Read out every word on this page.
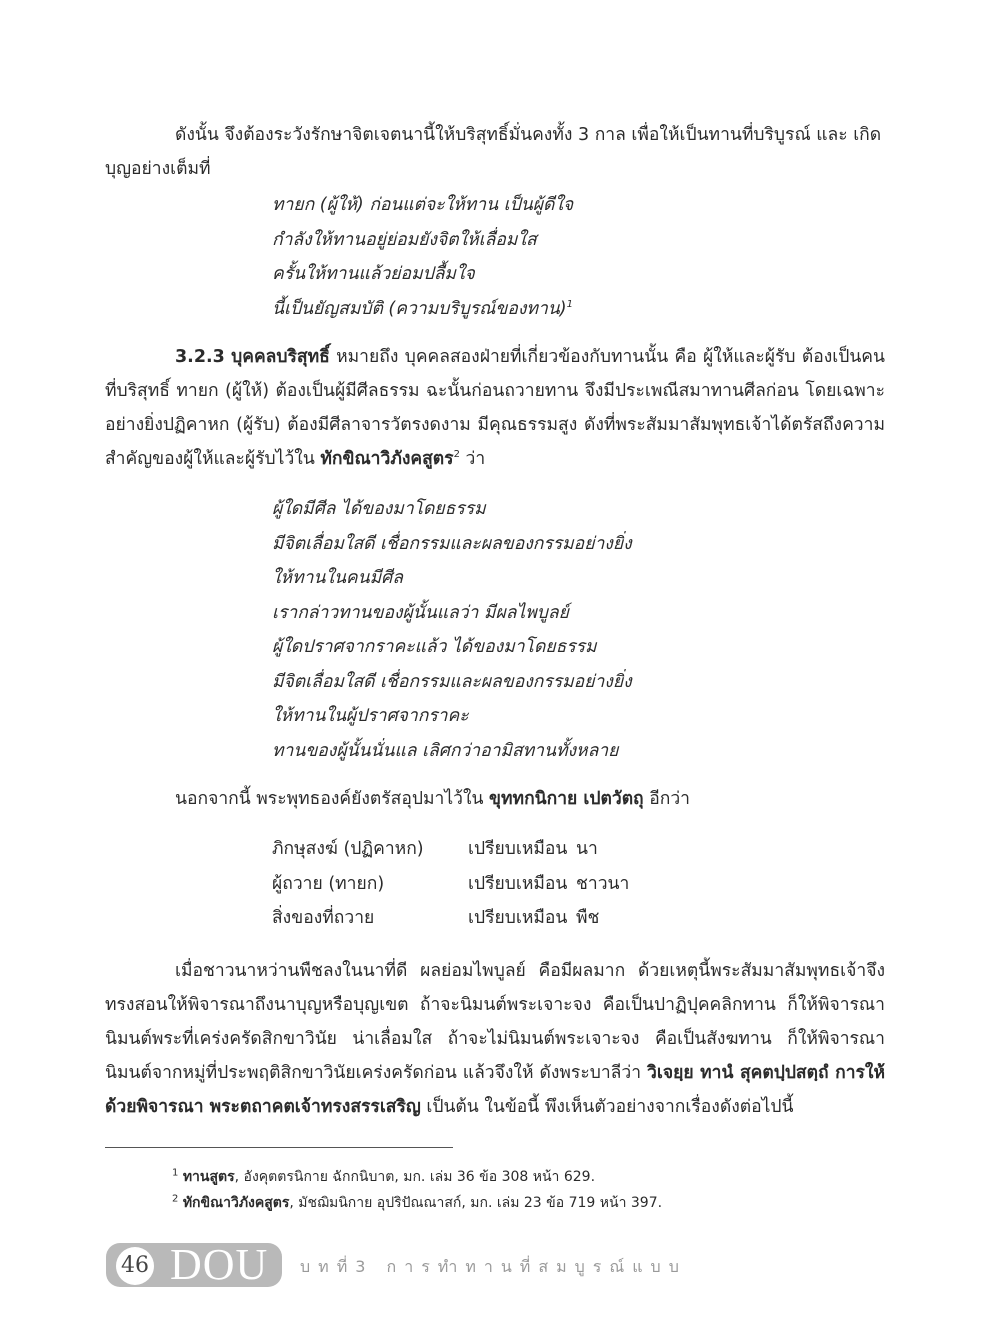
ดังนั้น จึงต้องระวังรักษาจิตเจตนานี้ให้บริสุทธิ์มั่นคงทั้ง 3 กาล เพื่อให้เป็นทานที่บริบูรณ์ และ เกิด
บุญอย่างเต็มที่
ทายก (ผู้ให้) ก่อนแต่จะให้ทาน เป็นผู้ดีใจ
กำลังให้ทานอยู่ย่อมยังจิตให้เลื่อมใส
ครั้นให้ทานแล้วย่อมปลื้มใจ
นี้เป็นยัญสมบัติ (ความบริบูรณ์ของทาน)$^1$
3.2.3 บุคคลบริสุทธิ์ หมายถึง บุคคลสองฝ่ายที่เกี่ยวข้องกับทานนั้น คือ ผู้ให้และผู้รับ ต้องเป็นคนที่บริสุทธิ์ ทายก (ผู้ให้) ต้องเป็นผู้มีศีลธรรม ฉะนั้นก่อนถวายทาน จึงมีประเพณีสมาทานศีลก่อน โดยเฉพาะอย่างยิ่งปฏิคาหก (ผู้รับ) ต้องมีศีลาจารวัตรงดงาม มีคุณธรรมสูง ดังที่พระสัมมาสัมพุทธเจ้าได้ตรัสถึงความสำคัญของผู้ให้และผู้รับไว้ใน ทักขิณาวิภังคสูตร$^2$ ว่า
ผู้ใดมีศีล ได้ของมาโดยธรรม
มีจิตเลื่อมใสดี เชื่อกรรมและผลของกรรมอย่างยิ่ง
ให้ทานในคนมีศีล
เรากล่าวทานของผู้นั้นแลว่า มีผลไพบูลย์
ผู้ใดปราศจากราคะแล้ว ได้ของมาโดยธรรม
มีจิตเลื่อมใสดี เชื่อกรรมและผลของกรรมอย่างยิ่ง
ให้ทานในผู้ปราศจากราคะ
ทานของผู้นั้นนั่นแล เลิศกว่าอามิสทานทั้งหลาย
นอกจากนี้ พระพุทธองค์ยังตรัสอุปมาไว้ใน ขุททกนิกาย เปตวัตถุ อีกว่า
ภิกษุสงฆ์ (ปฏิคาหก)	เปรียบเหมือน นา
ผู้ถวาย (ทายก)	เปรียบเหมือน ชาวนา
สิ่งของที่ถวาย	เปรียบเหมือน พืช
เมื่อชาวนาหว่านพืชลงในนาที่ดี ผลย่อมไพบูลย์ คือมีผลมาก ด้วยเหตุนี้พระสัมมาสัมพุทธเจ้าจึงทรงสอนให้พิจารณาถึงนาบุญหรือบุญเขต ถ้าจะนิมนต์พระเจาะจง คือเป็นปาฏิปุคคลิกทาน ก็ให้พิจารณานิมนต์พระที่เคร่งครัดสิกขาวินัย น่าเลื่อมใส ถ้าจะไม่นิมนต์พระเจาะจง คือเป็นสังฆทาน ก็ให้พิจารณานิมนต์จากหมู่ที่ประพฤติสิกขาวินัยเคร่งครัดก่อน แล้วจึงให้ ดังพระบาลีว่า วิเจยฺย ทานํ สุคตปฺปสตฺถํ การให้ด้วยพิจารณา พระตถาคตเจ้าทรงสรรเสริญ เป็นต้น ในข้อนี้ พึงเห็นตัวอย่างจากเรื่องดังต่อไปนี้
$^1$ ทานสูตร, อังคุตตรนิกาย ฉักกนิบาต, มก. เล่ม 36 ข้อ 308 หน้า 629.
$^2$ ทักขิณาวิภังคสูตร, มัชฌิมนิกาย อุปริปัณณาสก์, มก. เล่ม 23 ข้อ 719 หน้า 397.
46 DOU บทที่3 การทำทานที่สมบูรณ์แบบ
